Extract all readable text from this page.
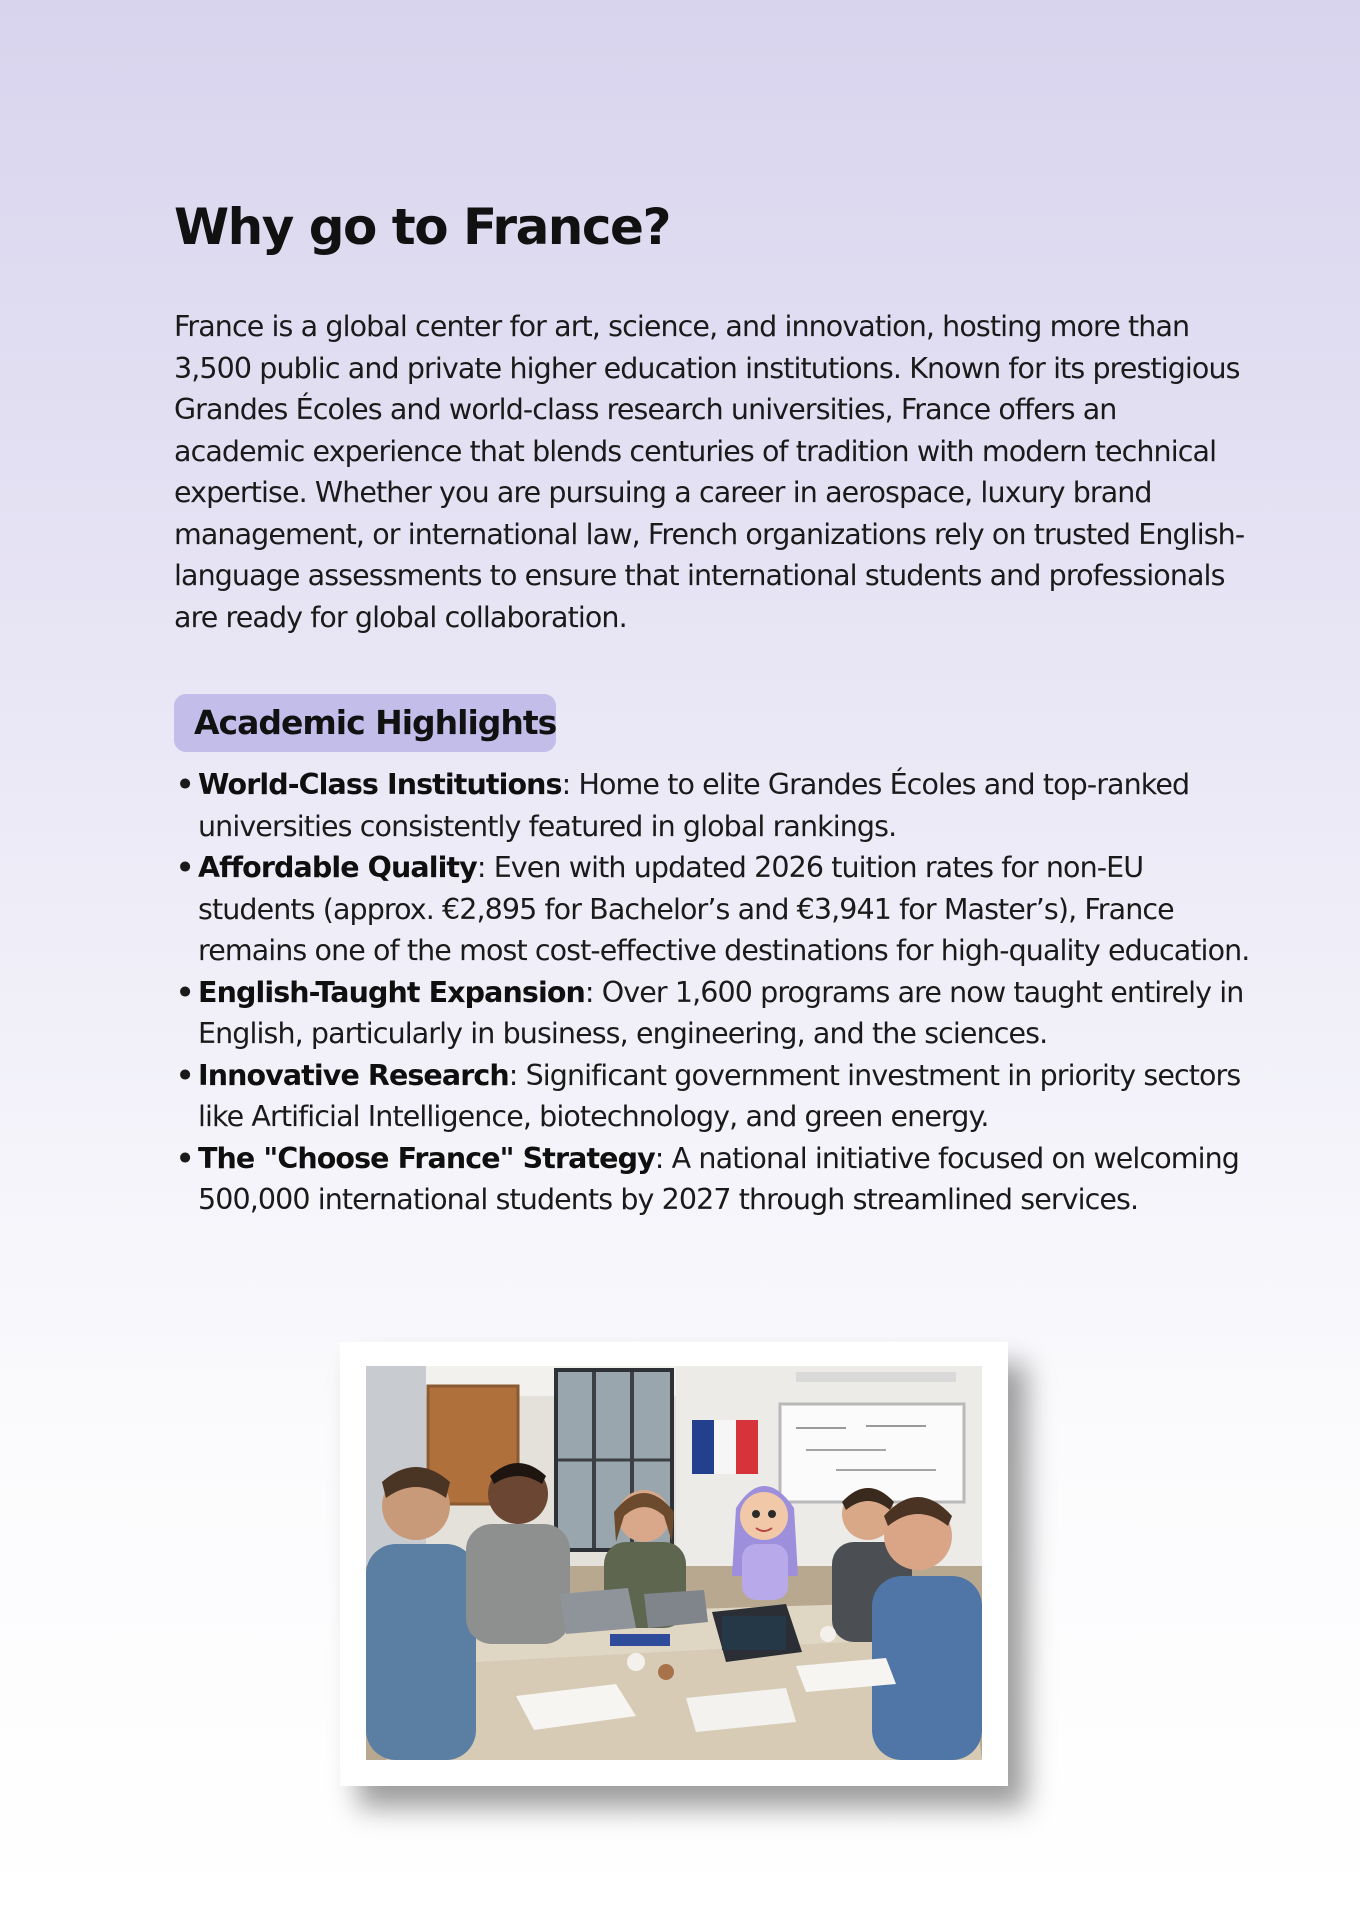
Why go to France?

France is a global center for art, science, and innovation, hosting more than 3,500 public and private higher education institutions. Known for its prestigious Grandes Écoles and world-class research universities, France offers an academic experience that blends centuries of tradition with modern technical expertise. Whether you are pursuing a career in aerospace, luxury brand management, or international law, French organizations rely on trusted English-language assessments to ensure that international students and professionals are ready for global collaboration.

Academic Highlights
• World-Class Institutions: Home to elite Grandes Écoles and top-ranked universities consistently featured in global rankings.
• Affordable Quality: Even with updated 2026 tuition rates for non-EU students (approx. €2,895 for Bachelor’s and €3,941 for Master’s), France remains one of the most cost-effective destinations for high-quality education.
• English-Taught Expansion: Over 1,600 programs are now taught entirely in English, particularly in business, engineering, and the sciences.
• Innovative Research: Significant government investment in priority sectors like Artificial Intelligence, biotechnology, and green energy.
• The "Choose France" Strategy: A national initiative focused on welcoming 500,000 international students by 2027 through streamlined services.
